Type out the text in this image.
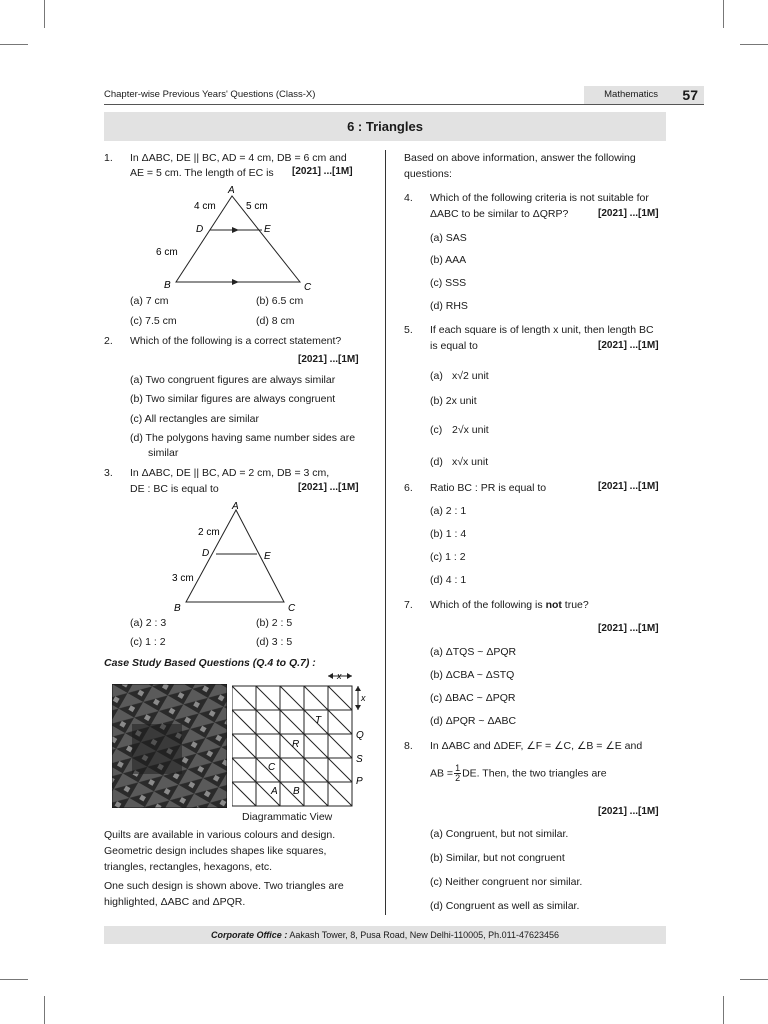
Chapter-wise Previous Years' Questions (Class-X)	Mathematics 57
6 : Triangles
1. In ΔABC, DE || BC, AD = 4 cm, DB = 6 cm and
AE = 5 cm. The length of EC is [2021] ...[1M]
A
B	C
D	E
4 cm	5 cm
6 cm
(a) 7 cm	(b) 6.5 cm
(c) 7.5 cm	(d) 8 cm
2. Which of the following is a correct statement?
[2021] ...[1M]
(a) Two congruent figures are always similar
(b) Two similar figures are always congruent
(c) All rectangles are similar
(d) The polygons having same number sides are
similar
3. In ΔABC, DE || BC, AD = 2 cm, DB = 3 cm,
DE : BC is equal to	[2021] ...[1M]
A
B	C
D	E
2 cm
3 cm
(a) 2 : 3	(b) 2 : 5
(c) 1 : 2	(d) 3 : 5
Case Study Based Questions (Q.4 to Q.7) :
x
x
T
R
Q
S
C
P
A B
Diagrammatic View
Quilts are available in various colours and design.
Geometric design includes shapes like squares,
triangles, rectangles, hexagons, etc.
One such design is shown above. Two triangles are
highlighted, ΔABC and ΔPQR.
Based on above information, answer the following
questions:
4. Which of the following criteria is not suitable for
ΔABC to be similar to ΔQRP?	[2021] ...[1M]
(a) SAS
(b) AAA
(c) SSS
(d) RHS
5. If each square is of length x unit, then length BC
is equal to	[2021] ...[1M]
(a) x√2 unit
(b) 2x unit
(c) 2√x unit
(d) x√x unit
6. Ratio BC : PR is equal to	[2021] ...[1M]
(a) 2 : 1
(b) 1 : 4
(c) 1 : 2
(d) 4 : 1
7. Which of the following is not true?
[2021] ...[1M]
(a) ΔTQS ~ ΔPQR
(b) ΔCBA ~ ΔSTQ
(c) ΔBAC ~ ΔPQR
(d) ΔPQR ~ ΔABC
8. In ΔABC and ΔDEF, ∠F = ∠C, ∠B = ∠E and
AB = $\frac{1}{2}$ DE. Then, the two triangles are
[2021] ...[1M]
(a) Congruent, but not similar.
(b) Similar, but not congruent
(c) Neither congruent nor similar.
(d) Congruent as well as similar.
Corporate Office : Aakash Tower, 8, Pusa Road, New Delhi-110005, Ph.011-47623456
